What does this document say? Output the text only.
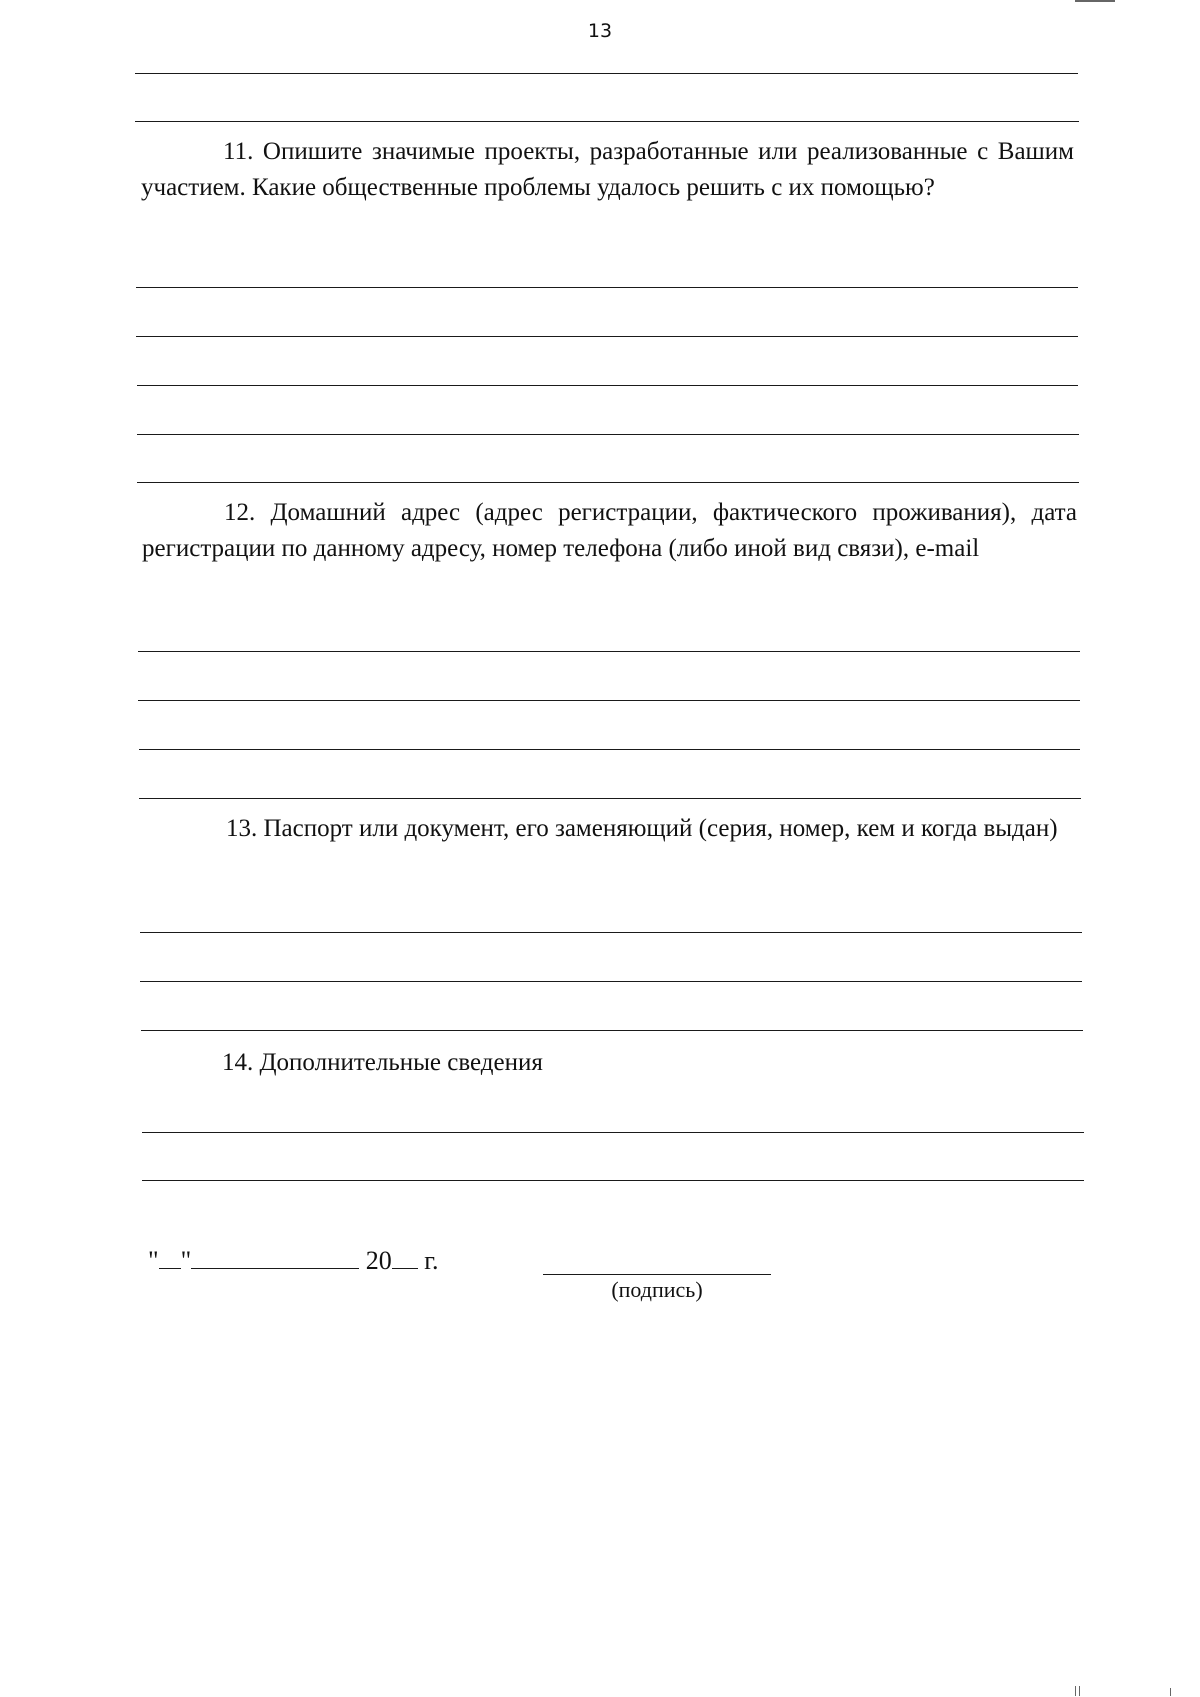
13

11. Опишите значимые проекты, разработанные или реализованные с Вашим участием. Какие общественные проблемы удалось решить с их помощью?

12. Домашний адрес (адрес регистрации, фактического проживания), дата регистрации по данному адресу, номер телефона (либо иной вид связи), e-mail

13. Паспорт или документ, его заменяющий (серия, номер, кем и когда выдан)

14. Дополнительные сведения
" "	20 г.
(подпись)
